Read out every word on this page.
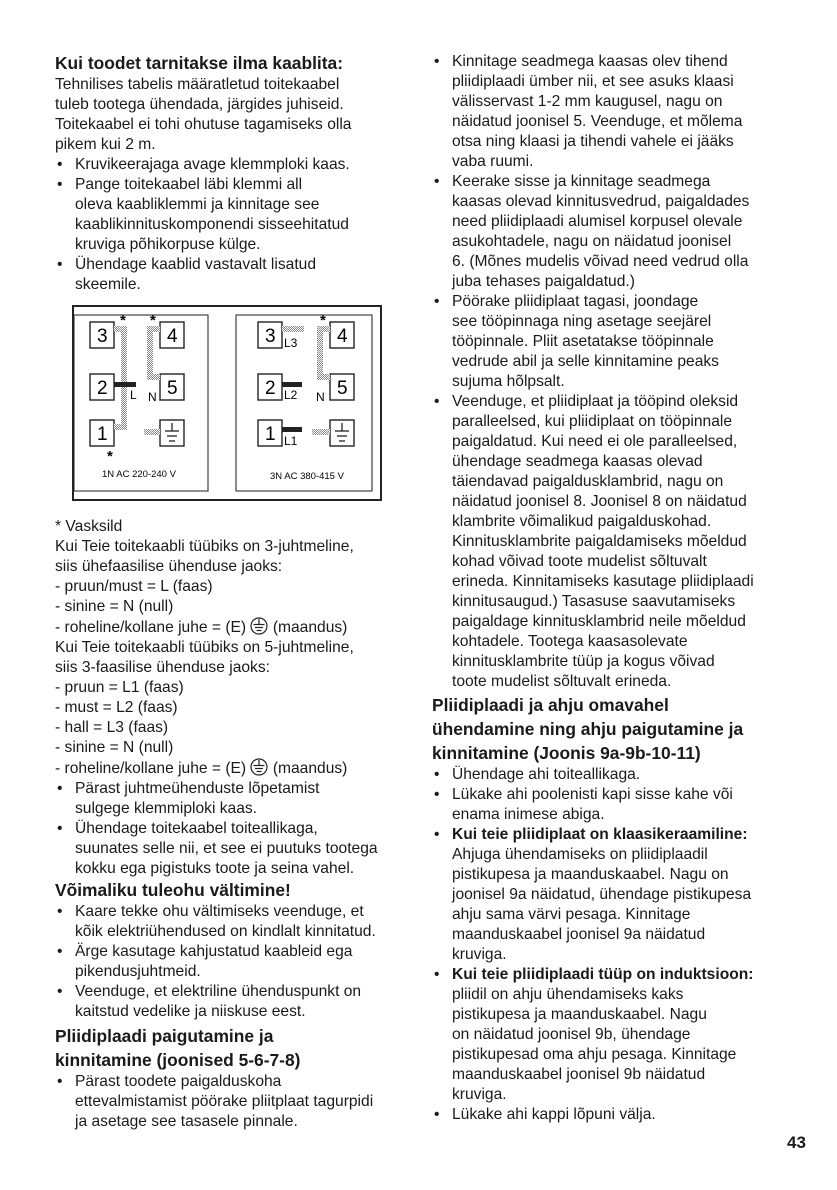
Kui toodet tarnitakse ilma kaablita:

Tehnilises tabelis määratletud toitekaabel

tuleb tootega ühendada, järgides juhiseid.

Toitekaabel ei tohi ohutuse tagamiseks olla

pikem kui 2 m.

• Kruvikeerajaga avage klemmploki kaas.
• Pange toitekaabel läbi klemmi all
oleva kaabliklemmi ja kinnitage see
kaablikinnituskomponendi sisseehitatud
kruviga põhikorpuse külge.
• Ühendage kaablid vastavalt lisatud
skeemile.

* Vasksild

Kui Teie toitekaabli tüübiks on 3-juhtmeline,

siis ühefaasilise ühenduse jaoks:

- pruun/must = L (faas)

- sinine = N (null)

- roheline/kollane juhe = (E) (maandus)

Kui Teie toitekaabli tüübiks on 5-juhtmeline,

siis 3-faasilise ühenduse jaoks:

- pruun = L1 (faas)

- must = L2 (faas)

- hall = L3 (faas)

- sinine = N (null)

- roheline/kollane juhe = (E) (maandus)

• Pärast juhtmeühenduste lõpetamist
sulgege klemmiploki kaas.
• Ühendage toitekaabel toiteallikaga,
suunates selle nii, et see ei puutuks tootega
kokku ega pigistuks toote ja seina vahel.

Võimaliku tuleohu vältimine!

• Kaare tekke ohu vältimiseks veenduge, et
kõik elektriühendused on kindlalt kinnitatud.
• Ärge kasutage kahjustatud kaableid ega
pikendusjuhtmeid.
• Veenduge, et elektriline ühenduspunkt on
kaitstud vedelike ja niiskuse eest.

Pliidiplaadi paigutamine ja

kinnitamine (joonised 5-6-7-8)

• Pärast toodete paigalduskoha
ettevalmistamist pöörake pliitplaat tagurpidi
ja asetage see tasasele pinnale.
3	4
2	5
1
* *
*
L N
1N AC 220-240 V
3	4
2	5
1
*
L3
L2 N
L1
3N AC 380-415 V
• Kinnitage seadmega kaasas olev tihend
pliidiplaadi ümber nii, et see asuks klaasi
välisservast 1-2 mm kaugusel, nagu on
näidatud joonisel 5. Veenduge, et mõlema
otsa ning klaasi ja tihendi vahele ei jääks
vaba ruumi.
• Keerake sisse ja kinnitage seadmega
kaasas olevad kinnitusvedrud, paigaldades
need pliidiplaadi alumisel korpusel olevale
asukohtadele, nagu on näidatud joonisel
6. (Mõnes mudelis võivad need vedrud olla
juba tehases paigaldatud.)
• Pöörake pliidiplaat tagasi, joondage
see tööpinnaga ning asetage seejärel
tööpinnale. Pliit asetatakse tööpinnale
vedrude abil ja selle kinnitamine peaks
sujuma hõlpsalt.
• Veenduge, et pliidiplaat ja tööpind oleksid
paralleelsed, kui pliidiplaat on tööpinnale
paigaldatud. Kui need ei ole paralleelsed,
ühendage seadmega kaasas olevad
täiendavad paigaldusklambrid, nagu on
näidatud joonisel 8. Joonisel 8 on näidatud
klambrite võimalikud paigalduskohad.
Kinnitusklambrite paigaldamiseks mõeldud
kohad võivad toote mudelist sõltuvalt
erineda. Kinnitamiseks kasutage pliidiplaadi
kinnitusaugud.) Tasasuse saavutamiseks
paigaldage kinnitusklambrid neile mõeldud
kohtadele. Tootega kaasasolevate
kinnitusklambrite tüüp ja kogus võivad
toote mudelist sõltuvalt erineda.

Pliidiplaadi ja ahju omavahel

ühendamine ning ahju paigutamine ja

kinnitamine (Joonis 9a-9b-10-11)

• Ühendage ahi toiteallikaga.
• Lükake ahi poolenisti kapi sisse kahe või
enama inimese abiga.
• Kui teie pliidiplaat on klaasikeraamiline:
Ahjuga ühendamiseks on pliidiplaadil
pistikupesa ja maanduskaabel. Nagu on
joonisel 9a näidatud, ühendage pistikupesa
ahju sama värvi pesaga. Kinnitage
maanduskaabel joonisel 9a näidatud
kruviga.
• Kui teie pliidiplaadi tüüp on induktsioon:
pliidil on ahju ühendamiseks kaks
pistikupesa ja maanduskaabel. Nagu
on näidatud joonisel 9b, ühendage
pistikupesad oma ahju pesaga. Kinnitage
maanduskaabel joonisel 9b näidatud
kruviga.
• Lükake ahi kappi lõpuni välja.
43
